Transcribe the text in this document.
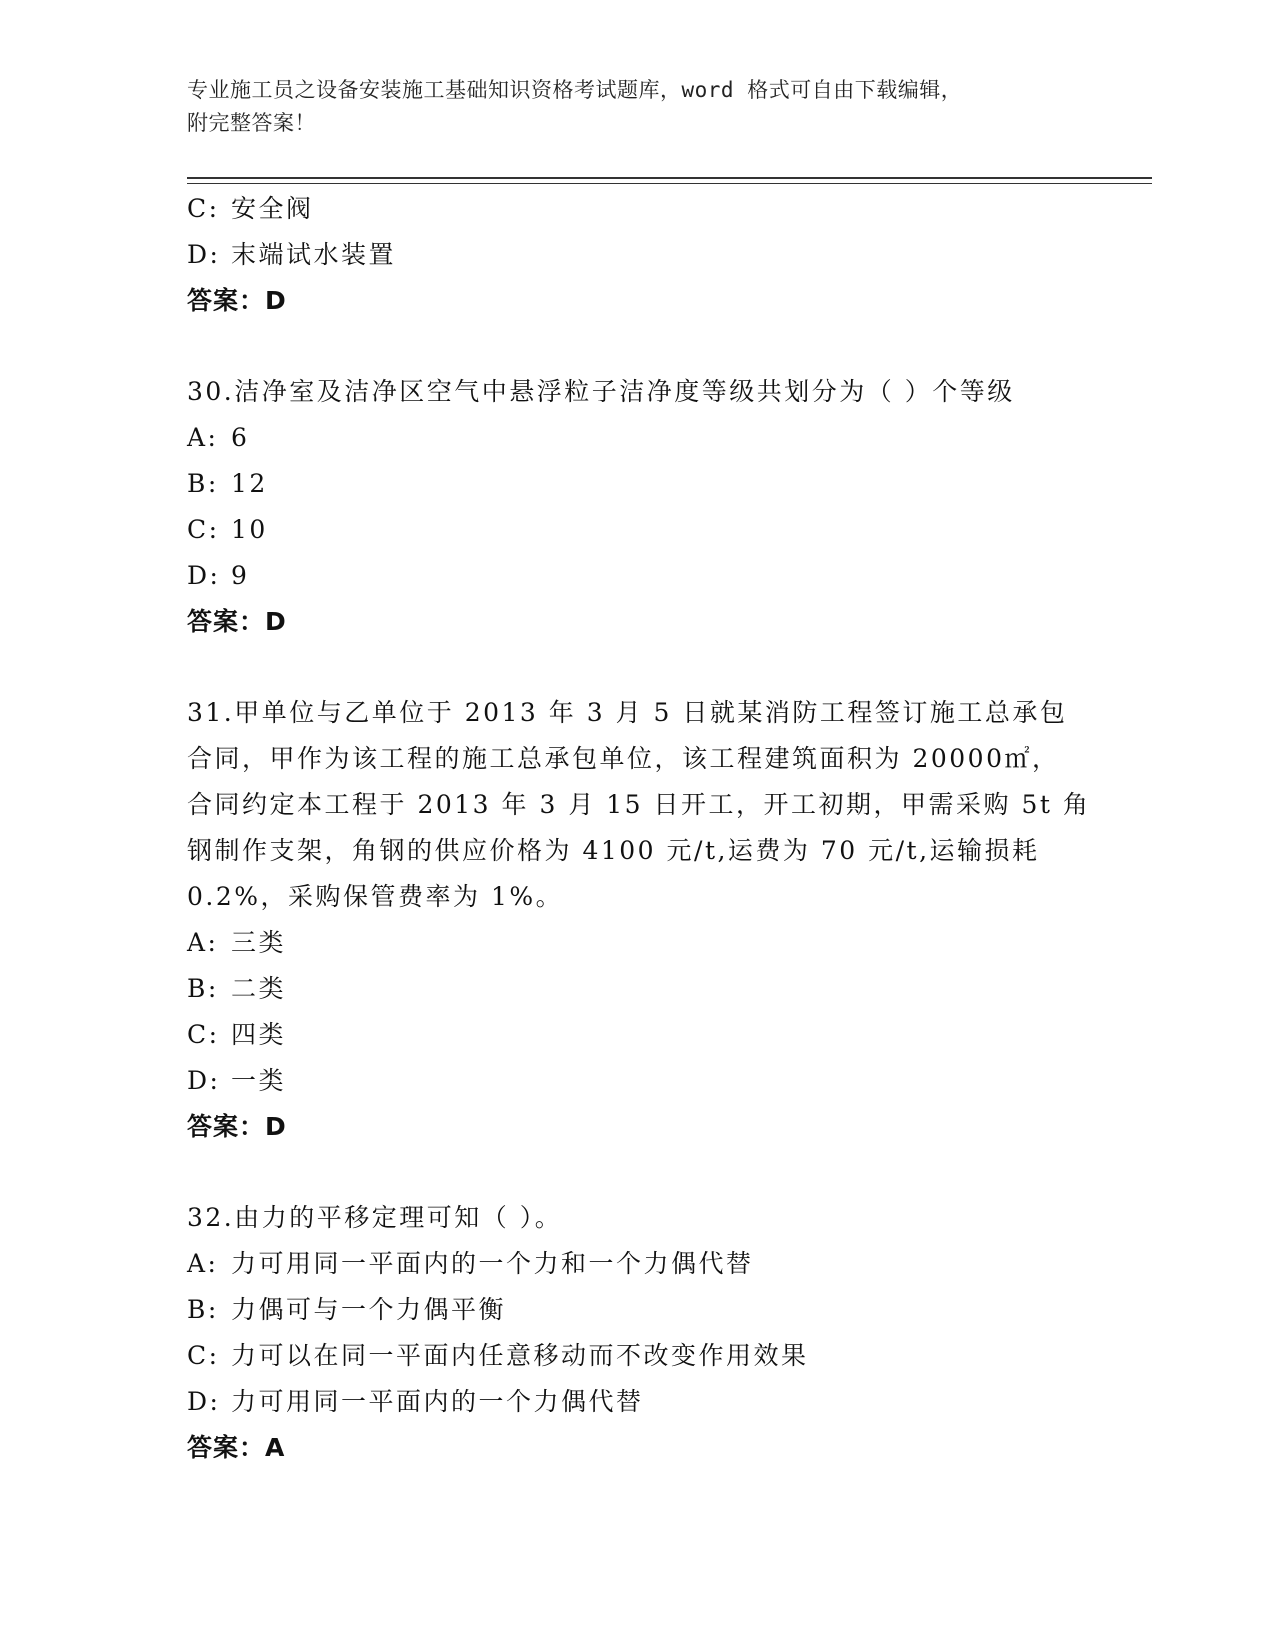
专业施工员之设备安装施工基础知识资格考试题库，word 格式可自由下载编辑，
附完整答案！
C: 安全阀
D: 末端试水装置
答案：D
30.洁净室及洁净区空气中悬浮粒子洁净度等级共划分为（ ）个等级
A: 6
B: 12
C: 10
D: 9
答案：D
31.甲单位与乙单位于 2013 年 3 月 5 日就某消防工程签订施工总承包
合同，甲作为该工程的施工总承包单位，该工程建筑面积为 20000㎡，
合同约定本工程于 2013 年 3 月 15 日开工，开工初期，甲需采购 5t 角
钢制作支架，角钢的供应价格为 4100 元/t,运费为 70 元/t,运输损耗
0.2%，采购保管费率为 1%。
A: 三类
B: 二类
C: 四类
D: 一类
答案：D
32.由力的平移定理可知（ ）。
A: 力可用同一平面内的一个力和一个力偶代替
B: 力偶可与一个力偶平衡
C: 力可以在同一平面内任意移动而不改变作用效果
D: 力可用同一平面内的一个力偶代替
答案：A
